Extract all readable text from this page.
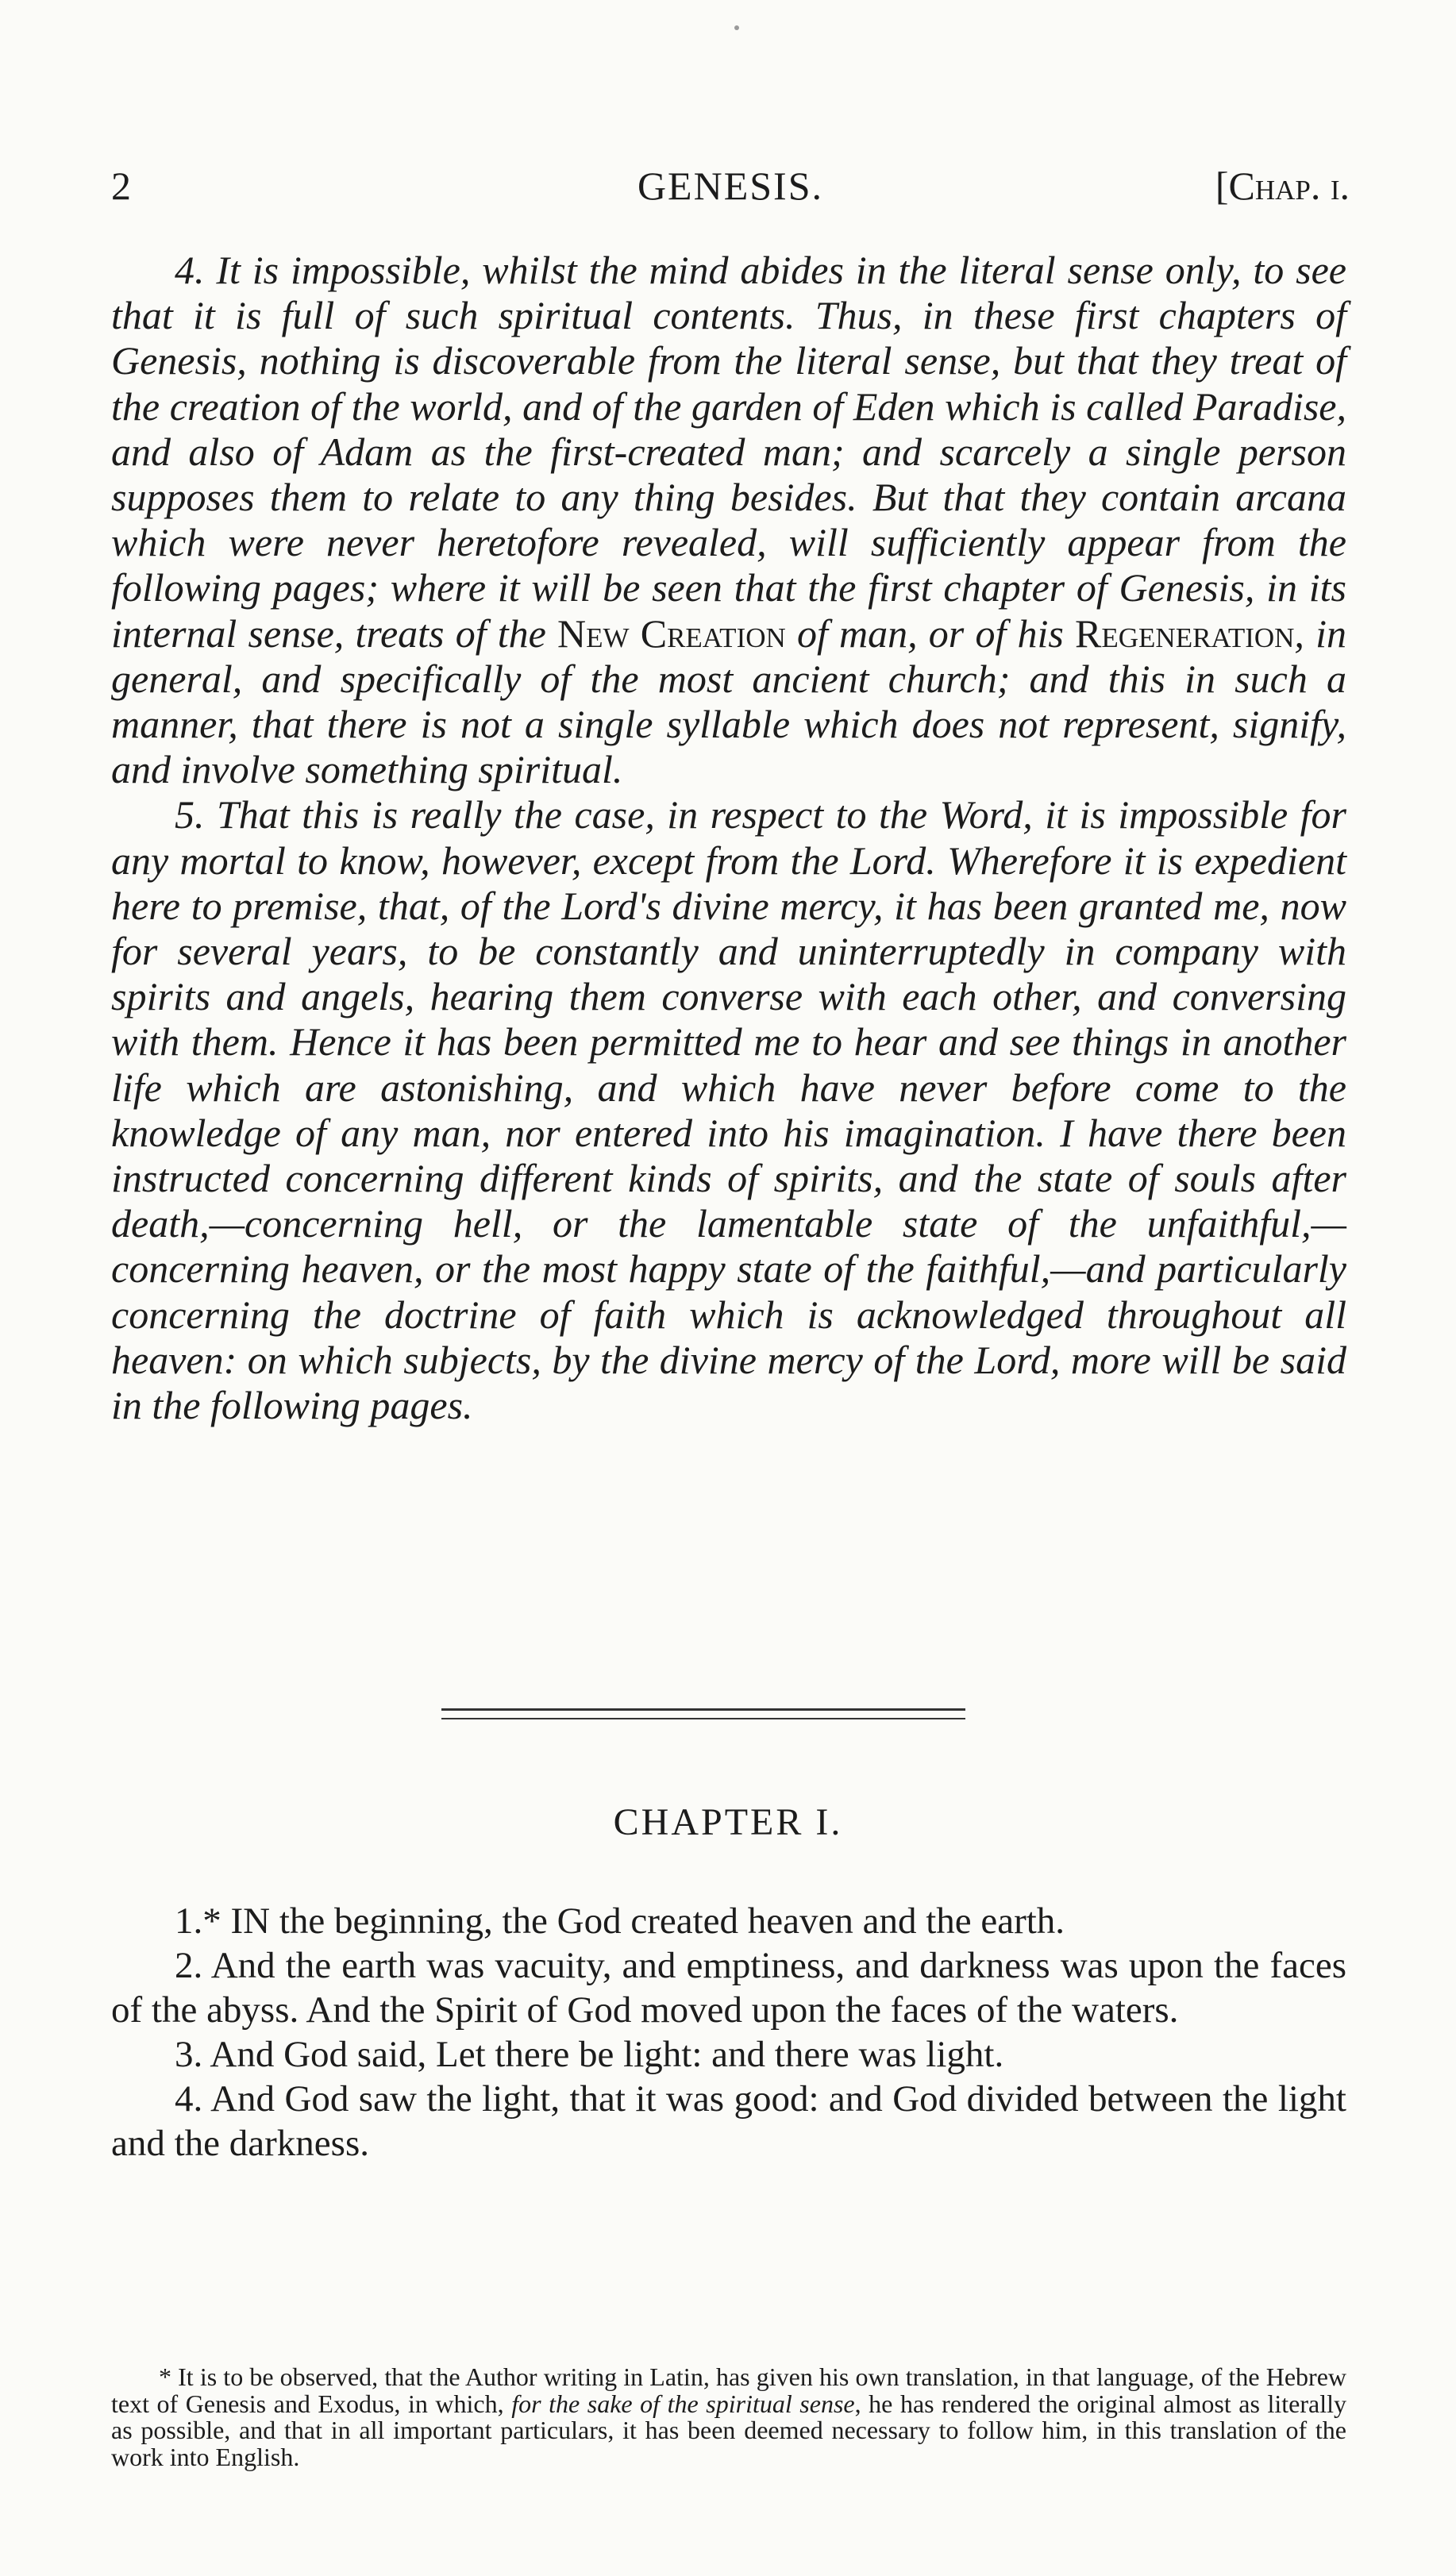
2	GENESIS.	[Chap. i.

4. It is impossible, whilst the mind abides in the literal sense only, to see that it is full of such spiritual contents. Thus, in these first chapters of Genesis, nothing is discoverable from the literal sense, but that they treat of the creation of the world, and of the garden of Eden which is called Paradise, and also of Adam as the first-created man; and scarcely a single person supposes them to relate to any thing besides. But that they contain arcana which were never heretofore revealed, will sufficiently appear from the following pages; where it will be seen that the first chapter of Genesis, in its internal sense, treats of the New Creation of man, or of his Regeneration, in general, and specifically of the most ancient church; and this in such a manner, that there is not a single syllable which does not represent, signify, and involve something spiritual.

5. That this is really the case, in respect to the Word, it is impossible for any mortal to know, however, except from the Lord. Wherefore it is expedient here to premise, that, of the Lord's divine mercy, it has been granted me, now for several years, to be constantly and uninterruptedly in company with spirits and angels, hearing them converse with each other, and conversing with them. Hence it has been permitted me to hear and see things in another life which are astonishing, and which have never before come to the knowledge of any man, nor entered into his imagination. I have there been instructed concerning different kinds of spirits, and the state of souls after death,—concerning hell, or the lamentable state of the unfaithful,—concerning heaven, or the most happy state of the faithful,—and particularly concerning the doctrine of faith which is acknowledged throughout all heaven: on which subjects, by the divine mercy of the Lord, more will be said in the following pages.

CHAPTER I.

1.* IN the beginning, the God created heaven and the earth.

2. And the earth was vacuity, and emptiness, and darkness was upon the faces of the abyss. And the Spirit of God moved upon the faces of the waters.

3. And God said, Let there be light: and there was light.

4. And God saw the light, that it was good: and God divided between the light and the darkness.

* It is to be observed, that the Author writing in Latin, has given his own translation, in that language, of the Hebrew text of Genesis and Exodus, in which, for the sake of the spiritual sense, he has rendered the original almost as literally as possible, and that in all important particulars, it has been deemed necessary to follow him, in this translation of the work into English.
